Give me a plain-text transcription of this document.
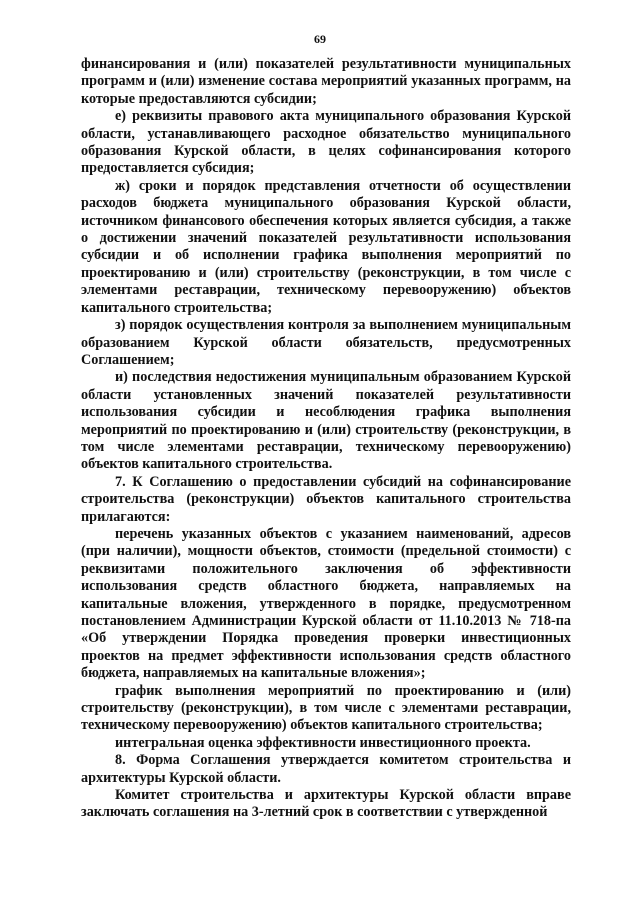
69

финансирования и (или) показателей результативности муниципальных программ и (или) изменение состава мероприятий указанных программ, на которые предоставляются субсидии;

е) реквизиты правового акта муниципального образования Курской области, устанавливающего расходное обязательство муниципального образования Курской области, в целях софинансирования которого предоставляется субсидия;

ж) сроки и порядок представления отчетности об осуществлении расходов бюджета муниципального образования Курской области, источником финансового обеспечения которых является субсидия, а также о достижении значений показателей результативности использования субсидии и об исполнении графика выполнения мероприятий по проектированию и (или) строительству (реконструкции, в том числе с элементами реставрации, техническому перевооружению) объектов капитального строительства;

з) порядок осуществления контроля за выполнением муниципальным образованием Курской области обязательств, предусмотренных Соглашением;

и) последствия недостижения муниципальным образованием Курской области установленных значений показателей результативности использования субсидии и несоблюдения графика выполнения мероприятий по проектированию и (или) строительству (реконструкции, в том числе элементами реставрации, техническому перевооружению) объектов капитального строительства.

7. К Соглашению о предоставлении субсидий на софинансирование строительства (реконструкции) объектов капитального строительства прилагаются:

перечень указанных объектов с указанием наименований, адресов (при наличии), мощности объектов, стоимости (предельной стоимости) с реквизитами положительного заключения об эффективности использования средств областного бюджета, направляемых на капитальные вложения, утвержденного в порядке, предусмотренном постановлением Администрации Курской области от 11.10.2013 № 718-па «Об утверждении Порядка проведения проверки инвестиционных проектов на предмет эффективности использования средств областного бюджета, направляемых на капитальные вложения»;

график выполнения мероприятий по проектированию и (или) строительству (реконструкции), в том числе с элементами реставрации, техническому перевооружению) объектов капитального строительства;

интегральная оценка эффективности инвестиционного проекта.

8. Форма Соглашения утверждается комитетом строительства и архитектуры Курской области.

Комитет строительства и архитектуры Курской области вправе заключать соглашения на 3-летний срок в соответствии с утвержденной
